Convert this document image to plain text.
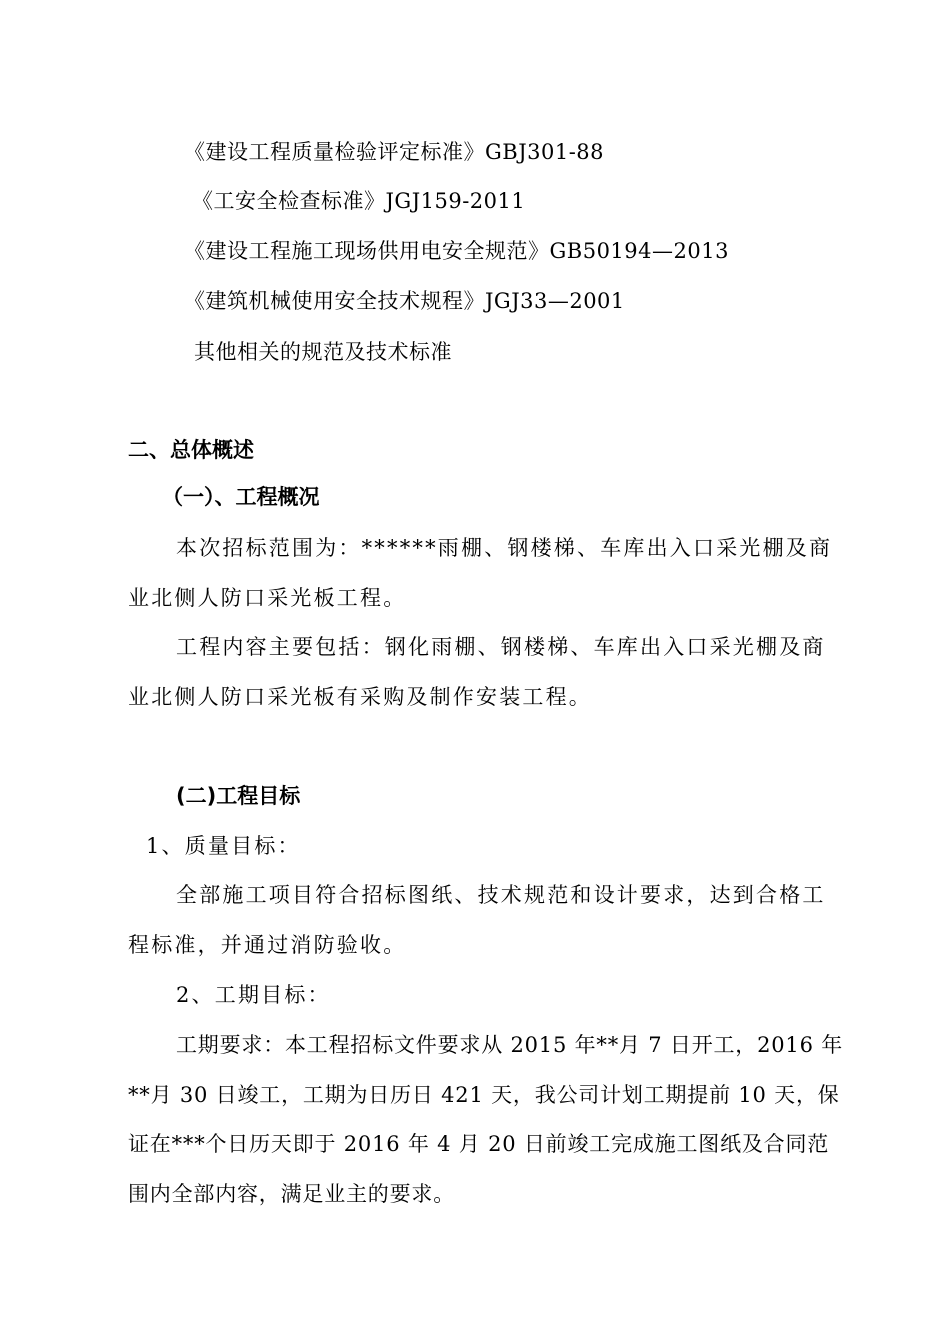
《建设工程质量检验评定标准》GBJ301-88
《工安全检查标准》JGJ159-2011
《建设工程施工现场供用电安全规范》GB50194—2013
《建筑机械使用安全技术规程》JGJ33—2001
其他相关的规范及技术标准
二、总体概述
（一）、工程概况
本次招标范围为：******雨棚、钢楼梯、车库出入口采光棚及商
业北侧人防口采光板工程。
工程内容主要包括：钢化雨棚、钢楼梯、车库出入口采光棚及商
业北侧人防口采光板有采购及制作安装工程。
(二)工程目标
1、质量目标：
全部施工项目符合招标图纸、技术规范和设计要求，达到合格工
程标准，并通过消防验收。
2、工期目标：
工期要求：本工程招标文件要求从 2015 年**月 7 日开工，2016 年
**月 30 日竣工，工期为日历日 421 天，我公司计划工期提前 10 天，保
证在***个日历天即于 2016 年 4 月 20 日前竣工完成施工图纸及合同范
围内全部内容，满足业主的要求。
